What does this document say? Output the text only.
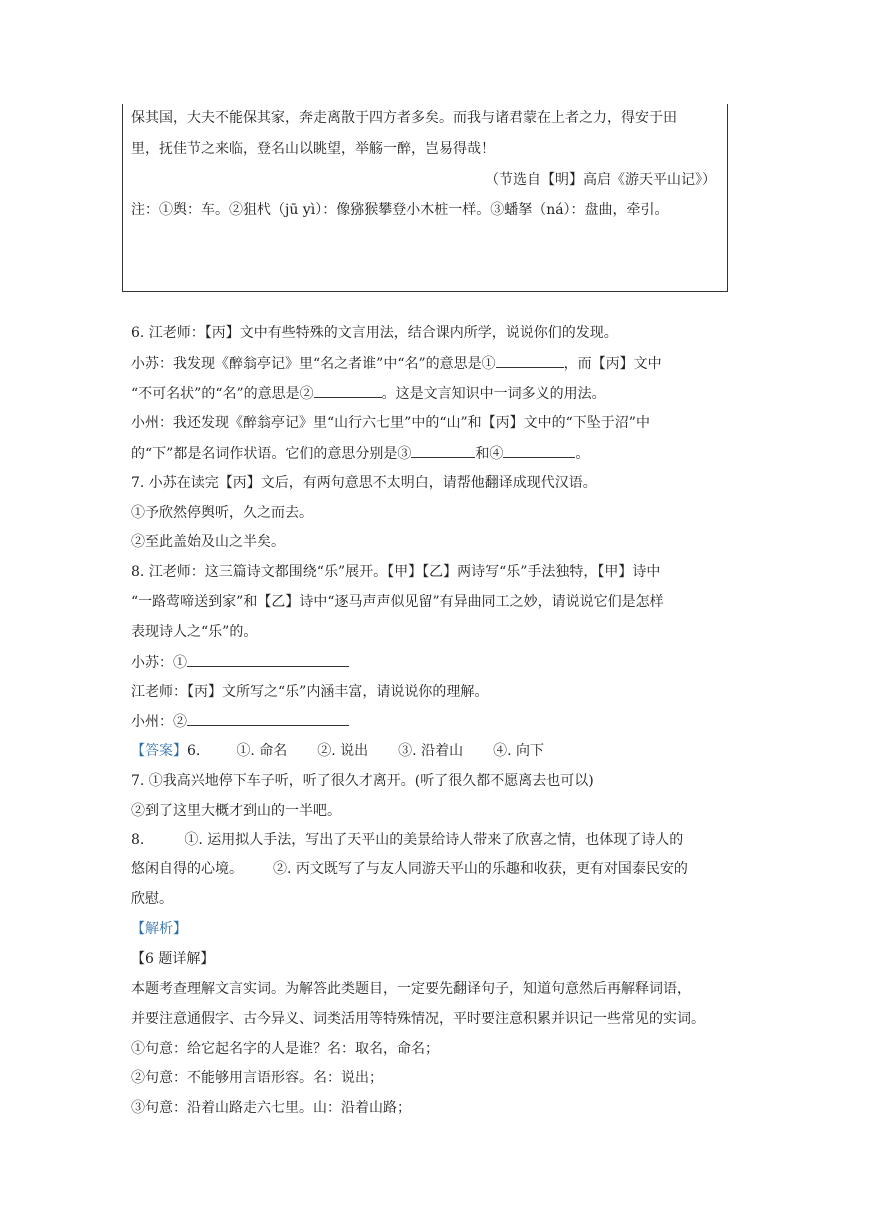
保其国，大夫不能保其家，奔走离散于四方者多矣。而我与诸君蒙在上者之力，得安于田
里，抚佳节之来临，登名山以眺望，举觞一醉，岂易得哉！
（节选自【明】高启《游天平山记》）
注：①舆：车。②狙杙（jū yì）：像猕猴攀登小木桩一样。③蟠拏（ná）：盘曲，牵引。
6. 江老师：【丙】文中有些特殊的文言用法，结合课内所学，说说你们的发现。
小苏：我发现《醉翁亭记》里“名之者谁”中“名”的意思是①	，而【丙】文中
“不可名状”的“名”的意思是②	。这是文言知识中一词多义的用法。
小州：我还发现《醉翁亭记》里“山行六七里”中的“山”和【丙】文中的“下坠于沼”中
的“下”都是名词作状语。它们的意思分别是③	和④	。
7. 小苏在读完【丙】文后，有两句意思不太明白，请帮他翻译成现代汉语。
①予欣然停舆听，久之而去。
②至此盖始及山之半矣。
8. 江老师：这三篇诗文都围绕“乐”展开。【甲】【乙】两诗写“乐”手法独特，【甲】诗中
“一路莺啼送到家”和【乙】诗中“逐马声声似见留”有异曲同工之妙，请说说它们是怎样
表现诗人之“乐”的。
小苏：①
江老师：【丙】文所写之“乐”内涵丰富，请说说你的理解。
小州：②
【答案】6.	①. 命名 ②. 说出 ③. 沿着山 ④. 向下
7. ①我高兴地停下车子听，听了很久才离开。(听了很久都不愿离去也可以)
②到了这里大概才到山的一半吧。
8.	①. 运用拟人手法，写出了天平山的美景给诗人带来了欣喜之情，也体现了诗人的
悠闲自得的心境。 ②. 丙文既写了与友人同游天平山的乐趣和收获，更有对国泰民安的
欣慰。
【解析】
【6 题详解】
本题考查理解文言实词。为解答此类题目，一定要先翻译句子，知道句意然后再解释词语，
并要注意通假字、古今异义、词类活用等特殊情况，平时要注意积累并识记一些常见的实词。
①句意：给它起名字的人是谁？名：取名，命名；
②句意：不能够用言语形容。名：说出；
③句意：沿着山路走六七里。山：沿着山路；
